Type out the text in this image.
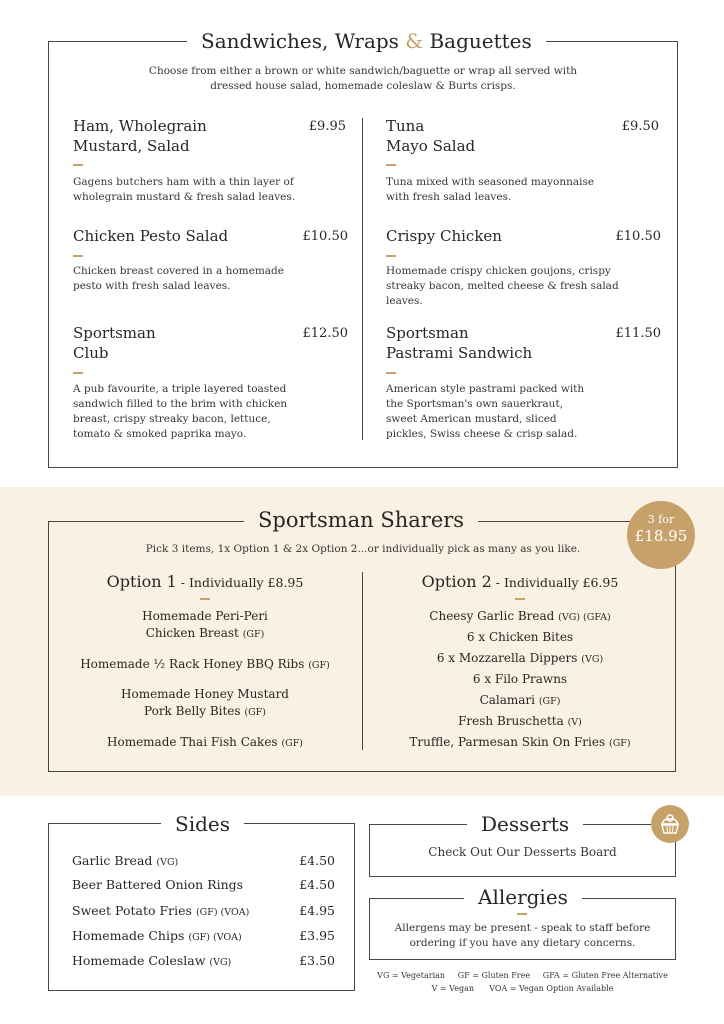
Sandwiches, Wraps & Baguettes
Choose from either a brown or white sandwich/baguette or wrap all served with
dressed house salad, homemade coleslaw & Burts crisps.
Ham, Wholegrain
Mustard, Salad
£9.95
Gagens butchers ham with a thin layer of
wholegrain mustard & fresh salad leaves.
Tuna
Mayo Salad
£9.50
Tuna mixed with seasoned mayonnaise
with fresh salad leaves.
Chicken Pesto Salad	£10.50
Chicken breast covered in a homemade
pesto with fresh salad leaves.
Crispy Chicken	£10.50
Homemade crispy chicken goujons, crispy
streaky bacon, melted cheese & fresh salad
leaves.
Sportsman
Club
£12.50
A pub favourite, a triple layered toasted
sandwich filled to the brim with chicken
breast, crispy streaky bacon, lettuce,
tomato & smoked paprika mayo.
Sportsman
Pastrami Sandwich
£11.50
American style pastrami packed with
the Sportsman's own sauerkraut,
sweet American mustard, sliced
pickles, Swiss cheese & crisp salad.
Sportsman Sharers	3 for
£18.95
Pick 3 items, 1x Option 1 & 2x Option 2...or individually pick as many as you like.
Option 1 - Individually £8.95
Homemade Peri-Peri
Chicken Breast (GF)
Homemade ½ Rack Honey BBQ Ribs (GF)
Homemade Honey Mustard
Pork Belly Bites (GF)
Homemade Thai Fish Cakes (GF)
Option 2 - Individually £6.95
Cheesy Garlic Bread (VG) (GFA)
6 x Chicken Bites
6 x Mozzarella Dippers (VG)
6 x Filo Prawns
Calamari (GF)
Fresh Bruschetta (V)
Truffle, Parmesan Skin On Fries (GF)
Sides
Garlic Bread (VG)	£4.50
Beer Battered Onion Rings	£4.50
Sweet Potato Fries (GF) (VOA)	£4.95
Homemade Chips (GF) (VOA)	£3.95
Homemade Coleslaw (VG)	£3.50
Desserts
Check Out Our Desserts Board
Allergies
Allergens may be present - speak to staff before
ordering if you have any dietary concerns.
VG = Vegetarian     GF = Gluten Free     GFA = Gluten Free Alternative
V = Vegan      VOA = Vegan Option Available
